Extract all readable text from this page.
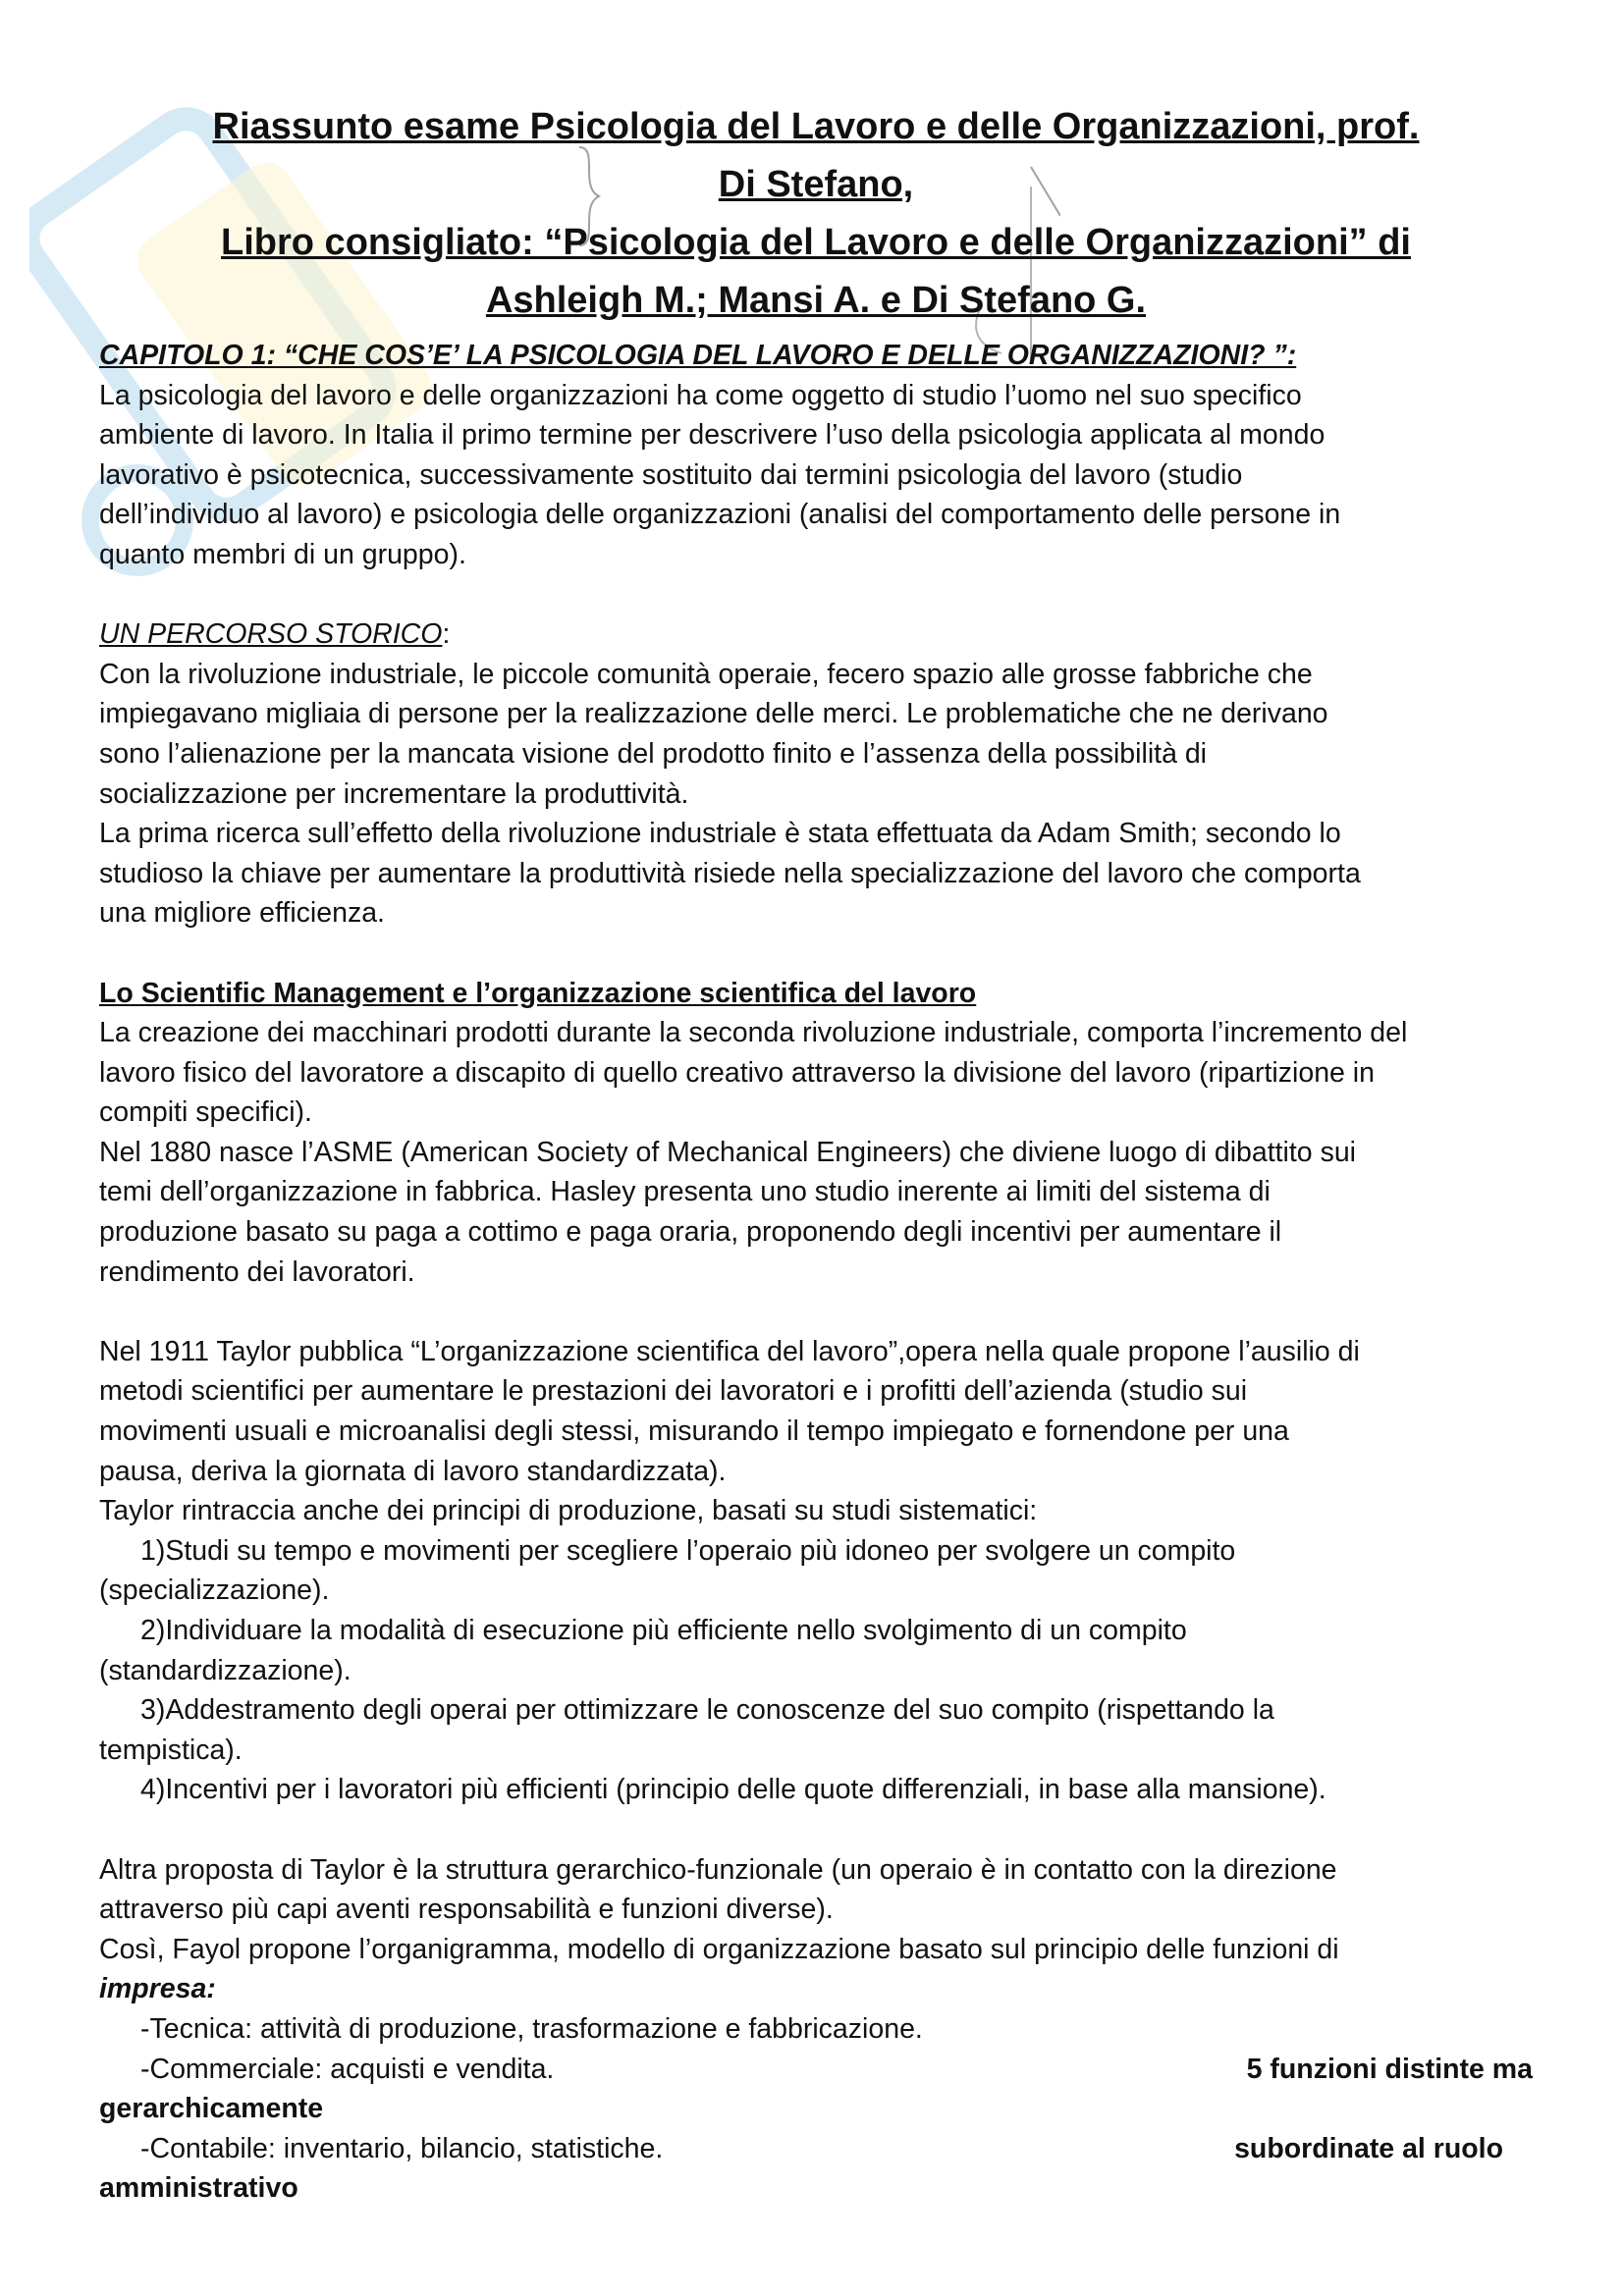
Riassunto esame Psicologia del Lavoro e delle Organizzazioni, prof.
Di Stefano,
Libro consigliato: “Psicologia del Lavoro e delle Organizzazioni” di
Ashleigh M.; Mansi A. e Di Stefano G.

CAPITOLO 1: “CHE COS’E’ LA PSICOLOGIA DEL LAVORO E DELLE ORGANIZZAZIONI? ”:

La psicologia del lavoro e delle organizzazioni ha come oggetto di studio l’uomo nel suo specifico

ambiente di lavoro. In Italia il primo termine per descrivere l’uso della psicologia applicata al mondo

lavorativo è psicotecnica, successivamente sostituito dai termini psicologia del lavoro (studio

dell’individuo al lavoro) e psicologia delle organizzazioni (analisi del comportamento delle persone in

quanto membri di un gruppo).

UN PERCORSO STORICO:

Con la rivoluzione industriale, le piccole comunità operaie, fecero spazio alle grosse fabbriche che

impiegavano migliaia di persone per la realizzazione delle merci. Le problematiche che ne derivano

sono l’alienazione per la mancata visione del prodotto finito e l’assenza della possibilità di

socializzazione per incrementare la produttività.

La prima ricerca sull’effetto della rivoluzione industriale è stata effettuata da Adam Smith; secondo lo

studioso la chiave per aumentare la produttività risiede nella specializzazione del lavoro che comporta

una migliore efficienza.

Lo Scientific Management e l’organizzazione scientifica del lavoro

La creazione dei macchinari prodotti durante la seconda rivoluzione industriale, comporta l’incremento del

lavoro fisico del lavoratore a discapito di quello creativo attraverso la divisione del lavoro (ripartizione in

compiti specifici).

Nel 1880 nasce l’ASME (American Society of Mechanical Engineers) che diviene luogo di dibattito sui

temi dell’organizzazione in fabbrica. Hasley presenta uno studio inerente ai limiti del sistema di

produzione basato su paga a cottimo e paga oraria, proponendo degli incentivi per aumentare il

rendimento dei lavoratori.

Nel 1911 Taylor pubblica “L’organizzazione scientifica del lavoro”,opera nella quale propone l’ausilio di

metodi scientifici per aumentare le prestazioni dei lavoratori e i profitti dell’azienda (studio sui

movimenti usuali e microanalisi degli stessi, misurando il tempo impiegato e fornendone per una

pausa, deriva la giornata di lavoro standardizzata).

Taylor rintraccia anche dei principi di produzione, basati su studi sistematici:

1)Studi su tempo e movimenti per scegliere l’operaio più idoneo per svolgere un compito

(specializzazione).

2)Individuare la modalità di esecuzione più efficiente nello svolgimento di un compito

(standardizzazione).

3)Addestramento degli operai per ottimizzare le conoscenze del suo compito (rispettando la

tempistica).

4)Incentivi per i lavoratori più efficienti (principio delle quote differenziali, in base alla mansione).

Altra proposta di Taylor è la struttura gerarchico-funzionale (un operaio è in contatto con la direzione

attraverso più capi aventi responsabilità e funzioni diverse).

Così, Fayol propone l’organigramma, modello di organizzazione basato sul principio delle funzioni di

impresa:

-Tecnica: attività di produzione, trasformazione e fabbricazione.

-Commerciale: acquisti e vendita.	5 funzioni distinte ma

gerarchicamente

-Contabile: inventario, bilancio, statistiche.	subordinate al ruolo

amministrativo
